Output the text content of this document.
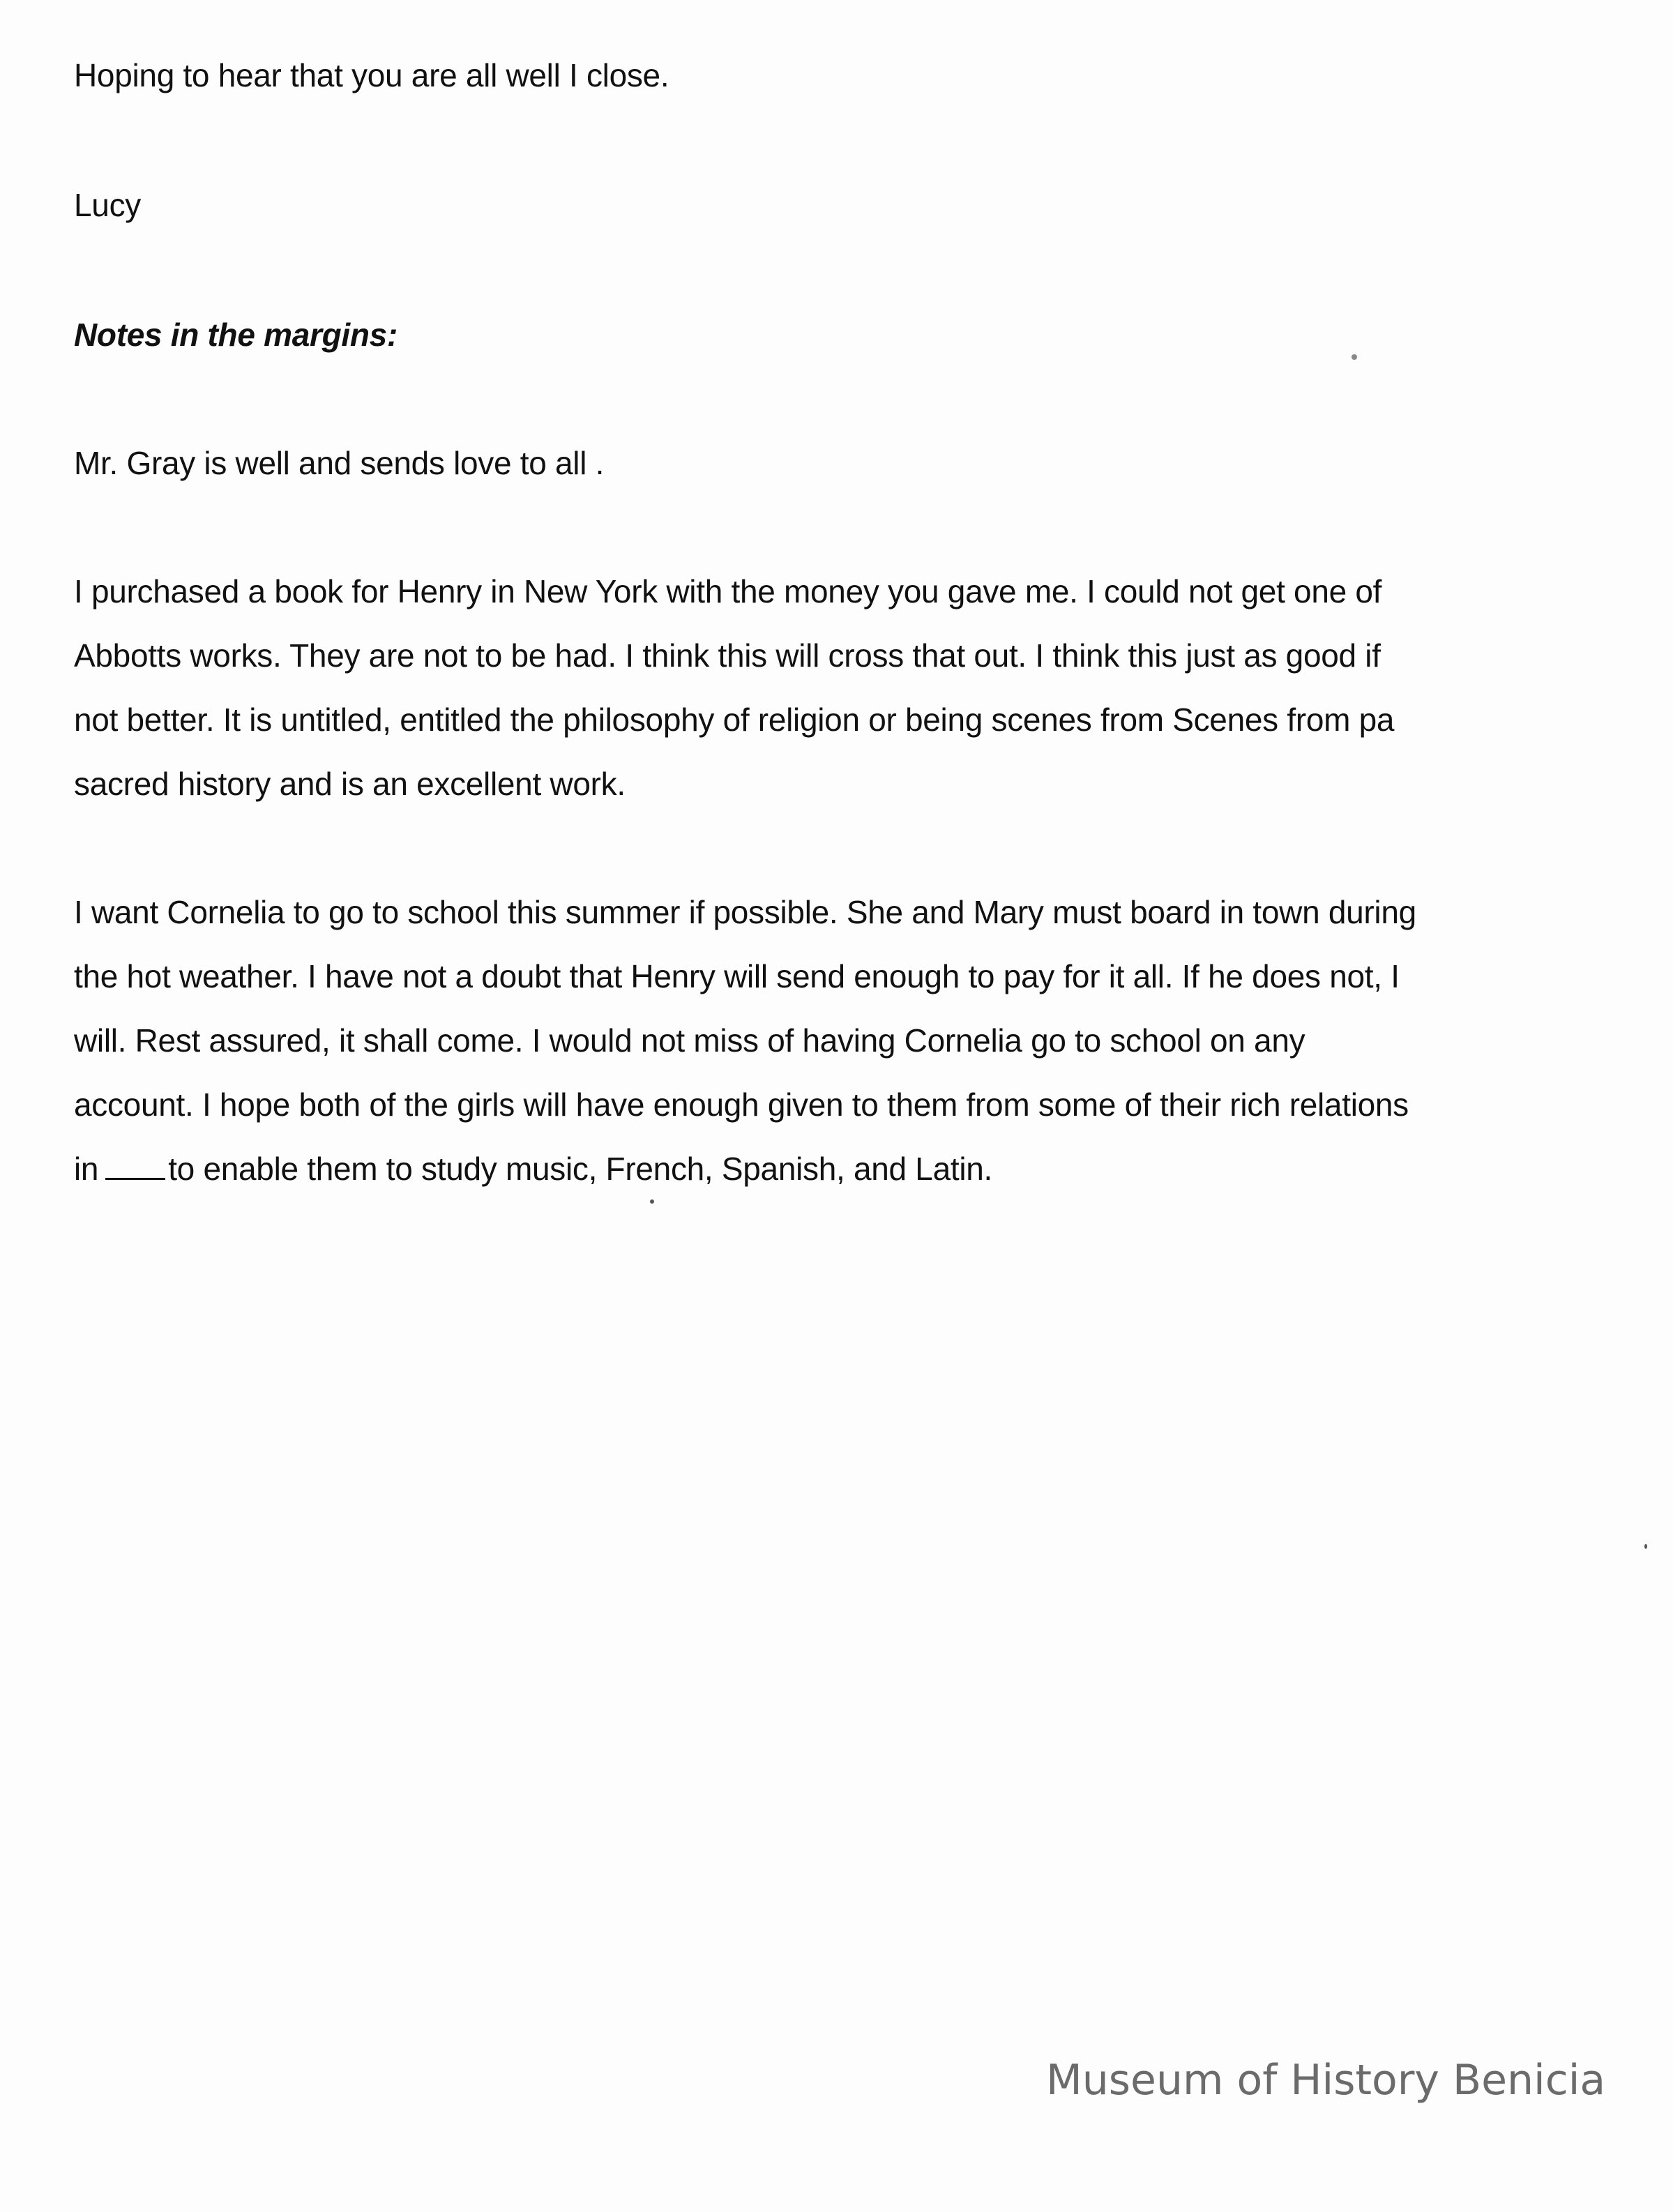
Hoping to hear that you are all well I close.
Lucy
Notes in the margins:
Mr. Gray is well and sends love to all .
I purchased a book for Henry in New York with the money you gave me. I could not get one of
Abbotts works. They are not to be had. I think this will cross that out. I think this just as good if
not better. It is untitled, entitled the philosophy of religion or being scenes from Scenes from pa
sacred history and is an excellent work.
I want Cornelia to go to school this summer if possible. She and Mary must board in town during
the hot weather. I have not a doubt that Henry will send enough to pay for it all. If he does not, I
will. Rest assured, it shall come. I would not miss of having Cornelia go to school on any
account. I hope both of the girls will have enough given to them from some of their rich relations
in to enable them to study music, French, Spanish, and Latin.
Museum of History Benicia
